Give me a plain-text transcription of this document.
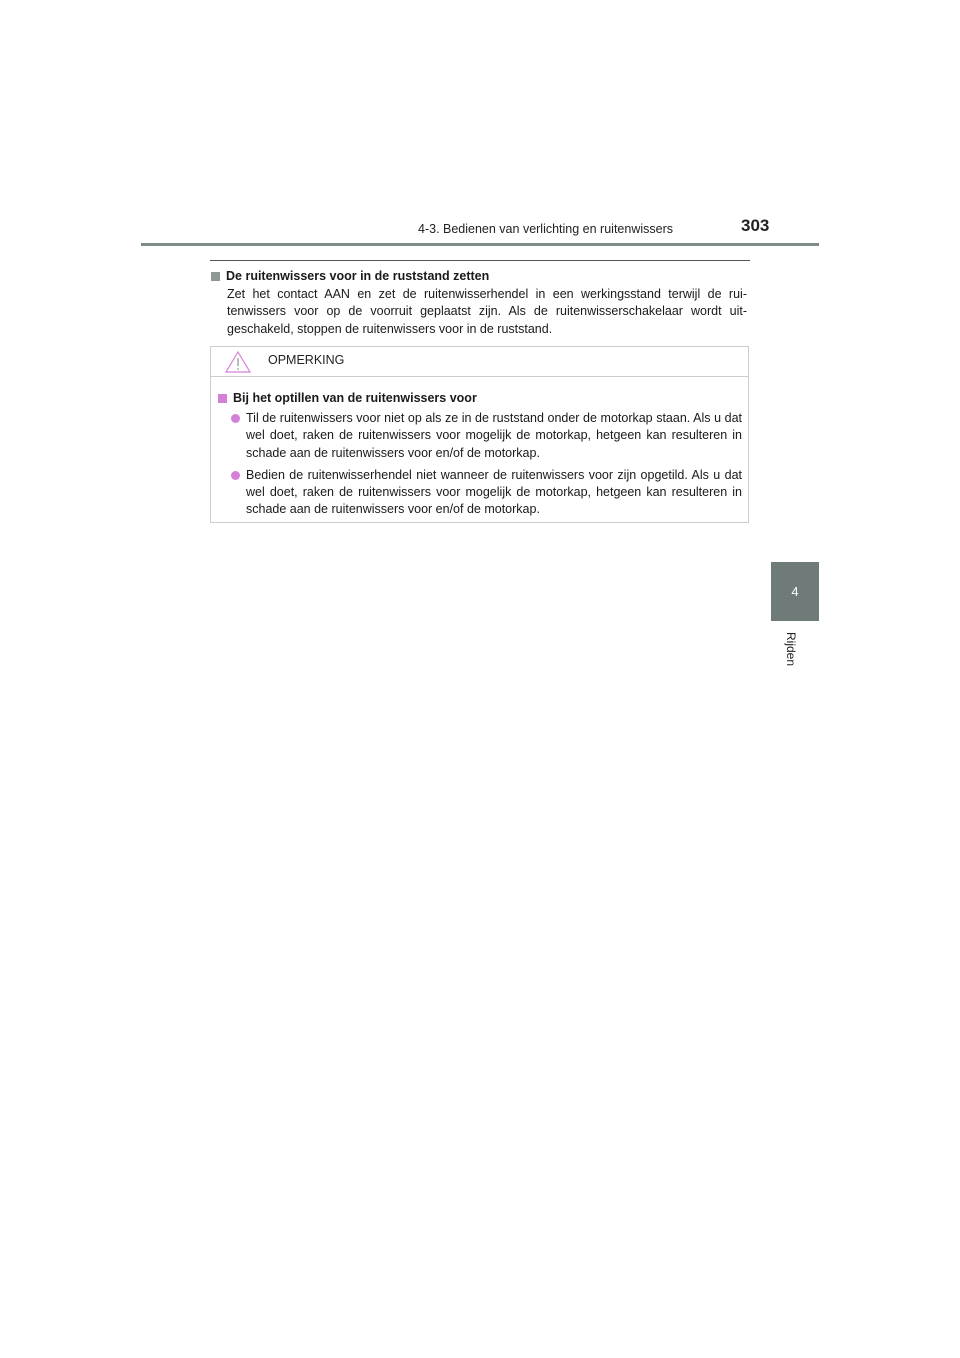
4-3. Bedienen van verlichting en ruitenwissers	303
4
Rijden
De ruitenwissers voor in de ruststand zetten
Zet het contact AAN en zet de ruitenwisserhendel in een werkingsstand terwijl de ruitenwissers voor op de voorruit geplaatst zijn. Als de ruitenwisserschakelaar wordt uitgeschakeld, stoppen de ruitenwissers voor in de ruststand.
OPMERKING
Bij het optillen van de ruitenwissers voor
Til de ruitenwissers voor niet op als ze in de ruststand onder de motorkap staan. Als u dat wel doet, raken de ruitenwissers voor mogelijk de motorkap, hetgeen kan resulteren in schade aan de ruitenwissers voor en/of de motorkap.
Bedien de ruitenwisserhendel niet wanneer de ruitenwissers voor zijn opgetild. Als u dat wel doet, raken de ruitenwissers voor mogelijk de motorkap, hetgeen kan resulteren in schade aan de ruitenwissers voor en/of de motorkap.
